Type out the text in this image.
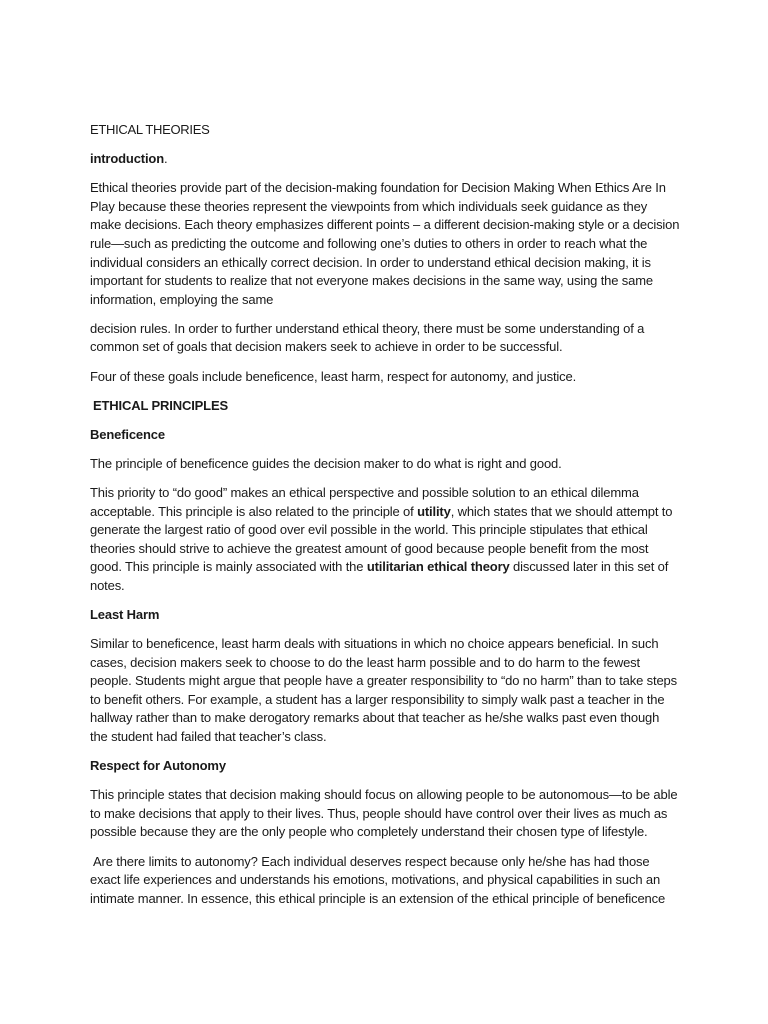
ETHICAL THEORIES

introduction.

Ethical theories provide part of the decision-making foundation for Decision Making When Ethics Are In Play because these theories represent the viewpoints from which individuals seek guidance as they make decisions. Each theory emphasizes different points – a different decision-making style or a decision rule—such as predicting the outcome and following one’s duties to others in order to reach what the individual considers an ethically correct decision. In order to understand ethical decision making, it is important for students to realize that not everyone makes decisions in the same way, using the same information, employing the same

decision rules. In order to further understand ethical theory, there must be some understanding of a common set of goals that decision makers seek to achieve in order to be successful.

Four of these goals include beneficence, least harm, respect for autonomy, and justice.

ETHICAL PRINCIPLES

Beneficence

The principle of beneficence guides the decision maker to do what is right and good.

This priority to “do good” makes an ethical perspective and possible solution to an ethical dilemma acceptable. This principle is also related to the principle of utility, which states that we should attempt to generate the largest ratio of good over evil possible in the world. This principle stipulates that ethical theories should strive to achieve the greatest amount of good because people benefit from the most good. This principle is mainly associated with the utilitarian ethical theory discussed later in this set of notes.

Least Harm

Similar to beneficence, least harm deals with situations in which no choice appears beneficial. In such cases, decision makers seek to choose to do the least harm possible and to do harm to the fewest people. Students might argue that people have a greater responsibility to “do no harm” than to take steps to benefit others. For example, a student has a larger responsibility to simply walk past a teacher in the hallway rather than to make derogatory remarks about that teacher as he/she walks past even though the student had failed that teacher’s class.

Respect for Autonomy

This principle states that decision making should focus on allowing people to be autonomous—to be able to make decisions that apply to their lives. Thus, people should have control over their lives as much as possible because they are the only people who completely understand their chosen type of lifestyle.

Are there limits to autonomy? Each individual deserves respect because only he/she has had those exact life experiences and understands his emotions, motivations, and physical capabilities in such an intimate manner. In essence, this ethical principle is an extension of the ethical principle of beneficence
